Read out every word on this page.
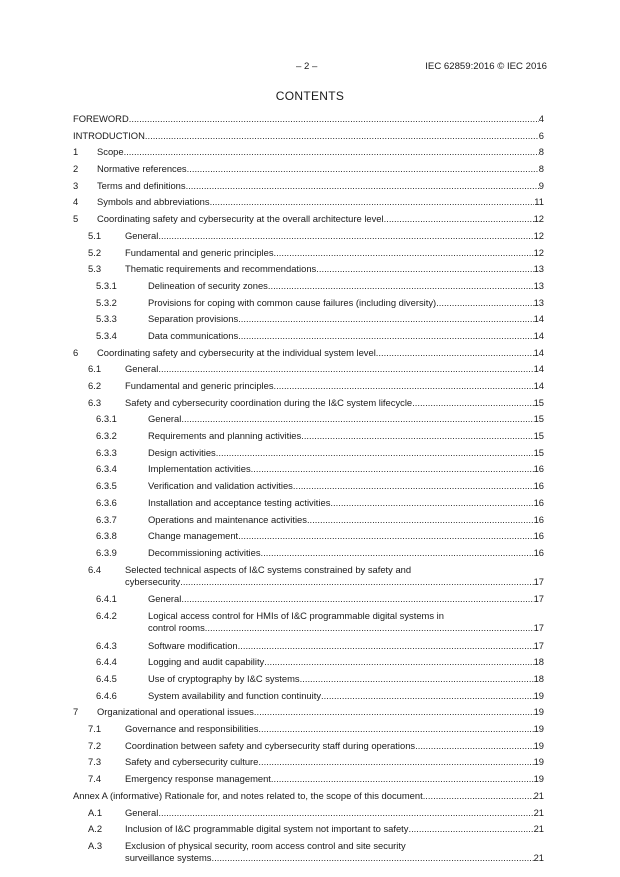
– 2 –	IEC 62859:2016 © IEC 2016
CONTENTS
FOREWORD .....	4
INTRODUCTION .....	6
1 Scope .....	8
2 Normative references .....	8
3 Terms and definitions .....	9
4 Symbols and abbreviations .....	11
5 Coordinating safety and cybersecurity at the overall architecture level .....	12
5.1	General .....	12
5.2	Fundamental and generic principles .....	12
5.3	Thematic requirements and recommendations .....	13
5.3.1	Delineation of security zones .....	13
5.3.2	Provisions for coping with common cause failures (including diversity) .....	13
5.3.3	Separation provisions .....	14
5.3.4	Data communications .....	14
6 Coordinating safety and cybersecurity at the individual system level .....	14
6.1	General .....	14
6.2	Fundamental and generic principles .....	14
6.3	Safety and cybersecurity coordination during the I&C system lifecycle .....	15
6.3.1	General .....	15
6.3.2	Requirements and planning activities .....	15
6.3.3	Design activities .....	15
6.3.4	Implementation activities .....	16
6.3.5	Verification and validation activities .....	16
6.3.6	Installation and acceptance testing activities .....	16
6.3.7	Operations and maintenance activities .....	16
6.3.8	Change management .....	16
6.3.9	Decommissioning activities .....	16
6.4	Selected technical aspects of I&C systems constrained by safety and
cybersecurity .....	17
6.4.1	General .....	17
6.4.2	Logical access control for HMIs of I&C programmable digital systems in
control rooms .....	17
6.4.3	Software modification .....	17
6.4.4	Logging and audit capability .....	18
6.4.5	Use of cryptography by I&C systems .....	18
6.4.6	System availability and function continuity .....	19
7 Organizational and operational issues .....	19
7.1	Governance and responsibilities .....	19
7.2	Coordination between safety and cybersecurity staff during operations .....	19
7.3	Safety and cybersecurity culture .....	19
7.4	Emergency response management .....	19
Annex A (informative) Rationale for, and notes related to, the scope of this document .....	21
A.1 General .....	21
A.2 Inclusion of I&C programmable digital system not important to safety .....	21
A.3 Exclusion of physical security, room access control and site security
surveillance systems .....	21
